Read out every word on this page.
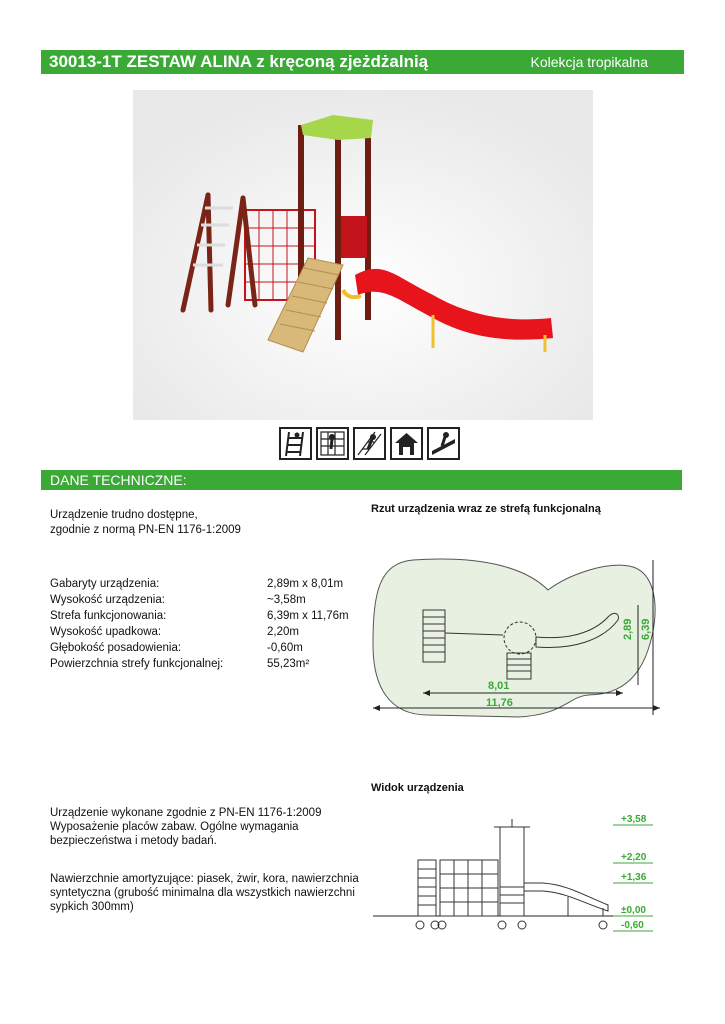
30013-1T ZESTAW ALINA z kręconą zjeżdżalnią	Kolekcja tropikalna
DANE TECHNICZNE:
Urządzenie trudno dostępne,
zgodnie z normą PN-EN 1176-1:2009
Gabaryty urządzenia:	2,89m x 8,01m
Wysokość urządzenia:	~3,58m
Strefa funkcjonowania:	6,39m x 11,76m
Wysokość upadkowa:	2,20m
Głębokość posadowienia:	-0,60m
Powierzchnia strefy funkcjonalnej:	55,23m²
Urządzenie wykonane zgodnie z PN-EN 1176-1:2009
Wyposażenie placów zabaw. Ogólne wymagania
bezpieczeństwa i metody badań.
Nawierzchnie amortyzujące: piasek, żwir, kora, nawierzchnia
syntetyczna (grubość minimalna dla wszystkich nawierzchni
sypkich 300mm)
Rzut urządzenia wraz ze strefą funkcjonalną
8,01
11,76
2,89 6,39
Widok urządzenia
+3,58
+2,20
+1,36
±0,00
-0,60
